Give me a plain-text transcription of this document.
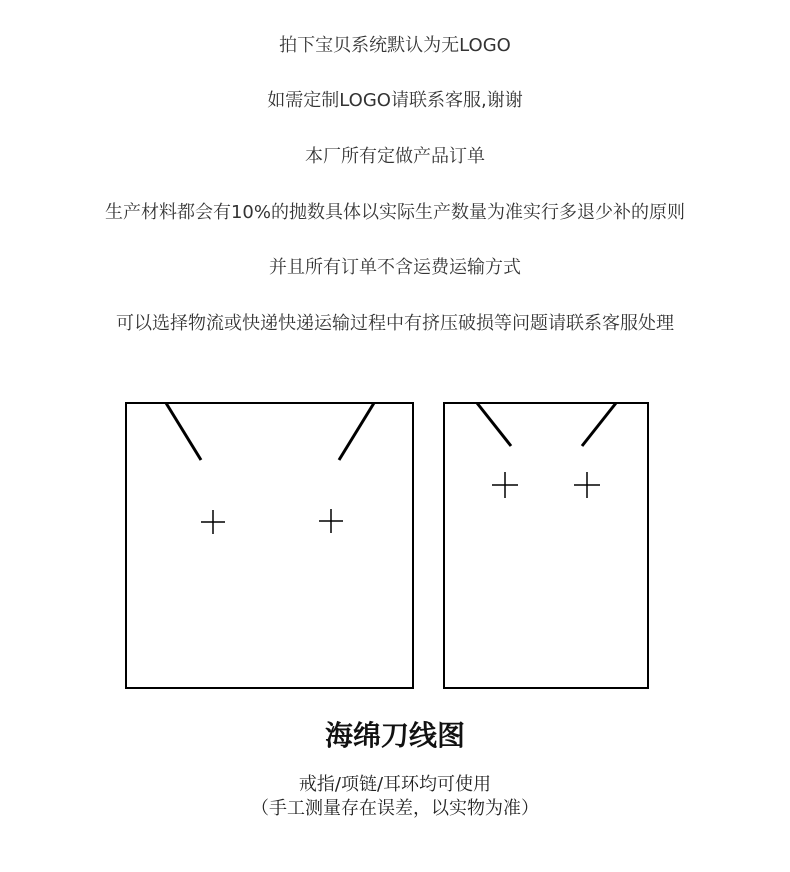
拍下宝贝系统默认为无LOGO
如需定制LOGO请联系客服,谢谢
本厂所有定做产品订单
生产材料都会有10%的抛数具体以实际生产数量为准实行多退少补的原则
并且所有订单不含运费运输方式
可以选择物流或快递快递运输过程中有挤压破损等问题请联系客服处理
海绵刀线图
戒指/项链/耳环均可使用
（手工测量存在误差，以实物为准）
